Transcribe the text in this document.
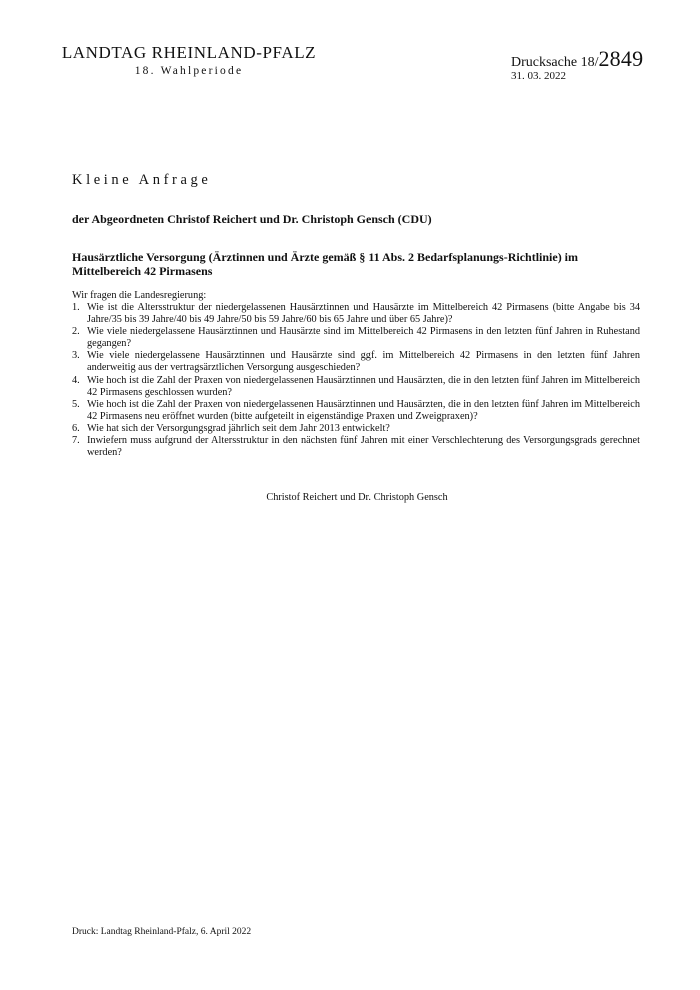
LANDTAG RHEINLAND-PFALZ
18. Wahlperiode
Drucksache 18/2849
31. 03. 2022
Kleine Anfrage
der Abgeordneten Christof Reichert und Dr. Christoph Gensch (CDU)
Hausärztliche Versorgung (Ärztinnen und Ärzte gemäß § 11 Abs. 2 Bedarfsplanungs-Richtlinie) im Mittelbereich 42 Pirmasens
Wir fragen die Landesregierung:
1. Wie ist die Altersstruktur der niedergelassenen Hausärztinnen und Hausärzte im Mittelbereich 42 Pirmasens (bitte Angabe bis 34 Jahre/35 bis 39 Jahre/40 bis 49 Jahre/50 bis 59 Jahre/60 bis 65 Jahre und über 65 Jahre)?
2. Wie viele niedergelassene Hausärztinnen und Hausärzte sind im Mittelbereich 42 Pirmasens in den letzten fünf Jahren in Ruhestand gegangen?
3. Wie viele niedergelassene Hausärztinnen und Hausärzte sind ggf. im Mittelbereich 42 Pirmasens in den letzten fünf Jahren anderweitig aus der vertragsärztlichen Versorgung ausgeschieden?
4. Wie hoch ist die Zahl der Praxen von niedergelassenen Hausärztinnen und Hausärzten, die in den letzten fünf Jahren im Mittelbereich 42 Pirmasens geschlossen wurden?
5. Wie hoch ist die Zahl der Praxen von niedergelassenen Hausärztinnen und Hausärzten, die in den letzten fünf Jahren im Mittelbereich 42 Pirmasens neu eröffnet wurden (bitte aufgeteilt in eigenständige Praxen und Zweigpraxen)?
6. Wie hat sich der Versorgungsgrad jährlich seit dem Jahr 2013 entwickelt?
7. Inwiefern muss aufgrund der Altersstruktur in den nächsten fünf Jahren mit einer Verschlechterung des Versorgungsgrads gerechnet werden?
Christof Reichert und Dr. Christoph Gensch
Druck: Landtag Rheinland-Pfalz, 6. April 2022
